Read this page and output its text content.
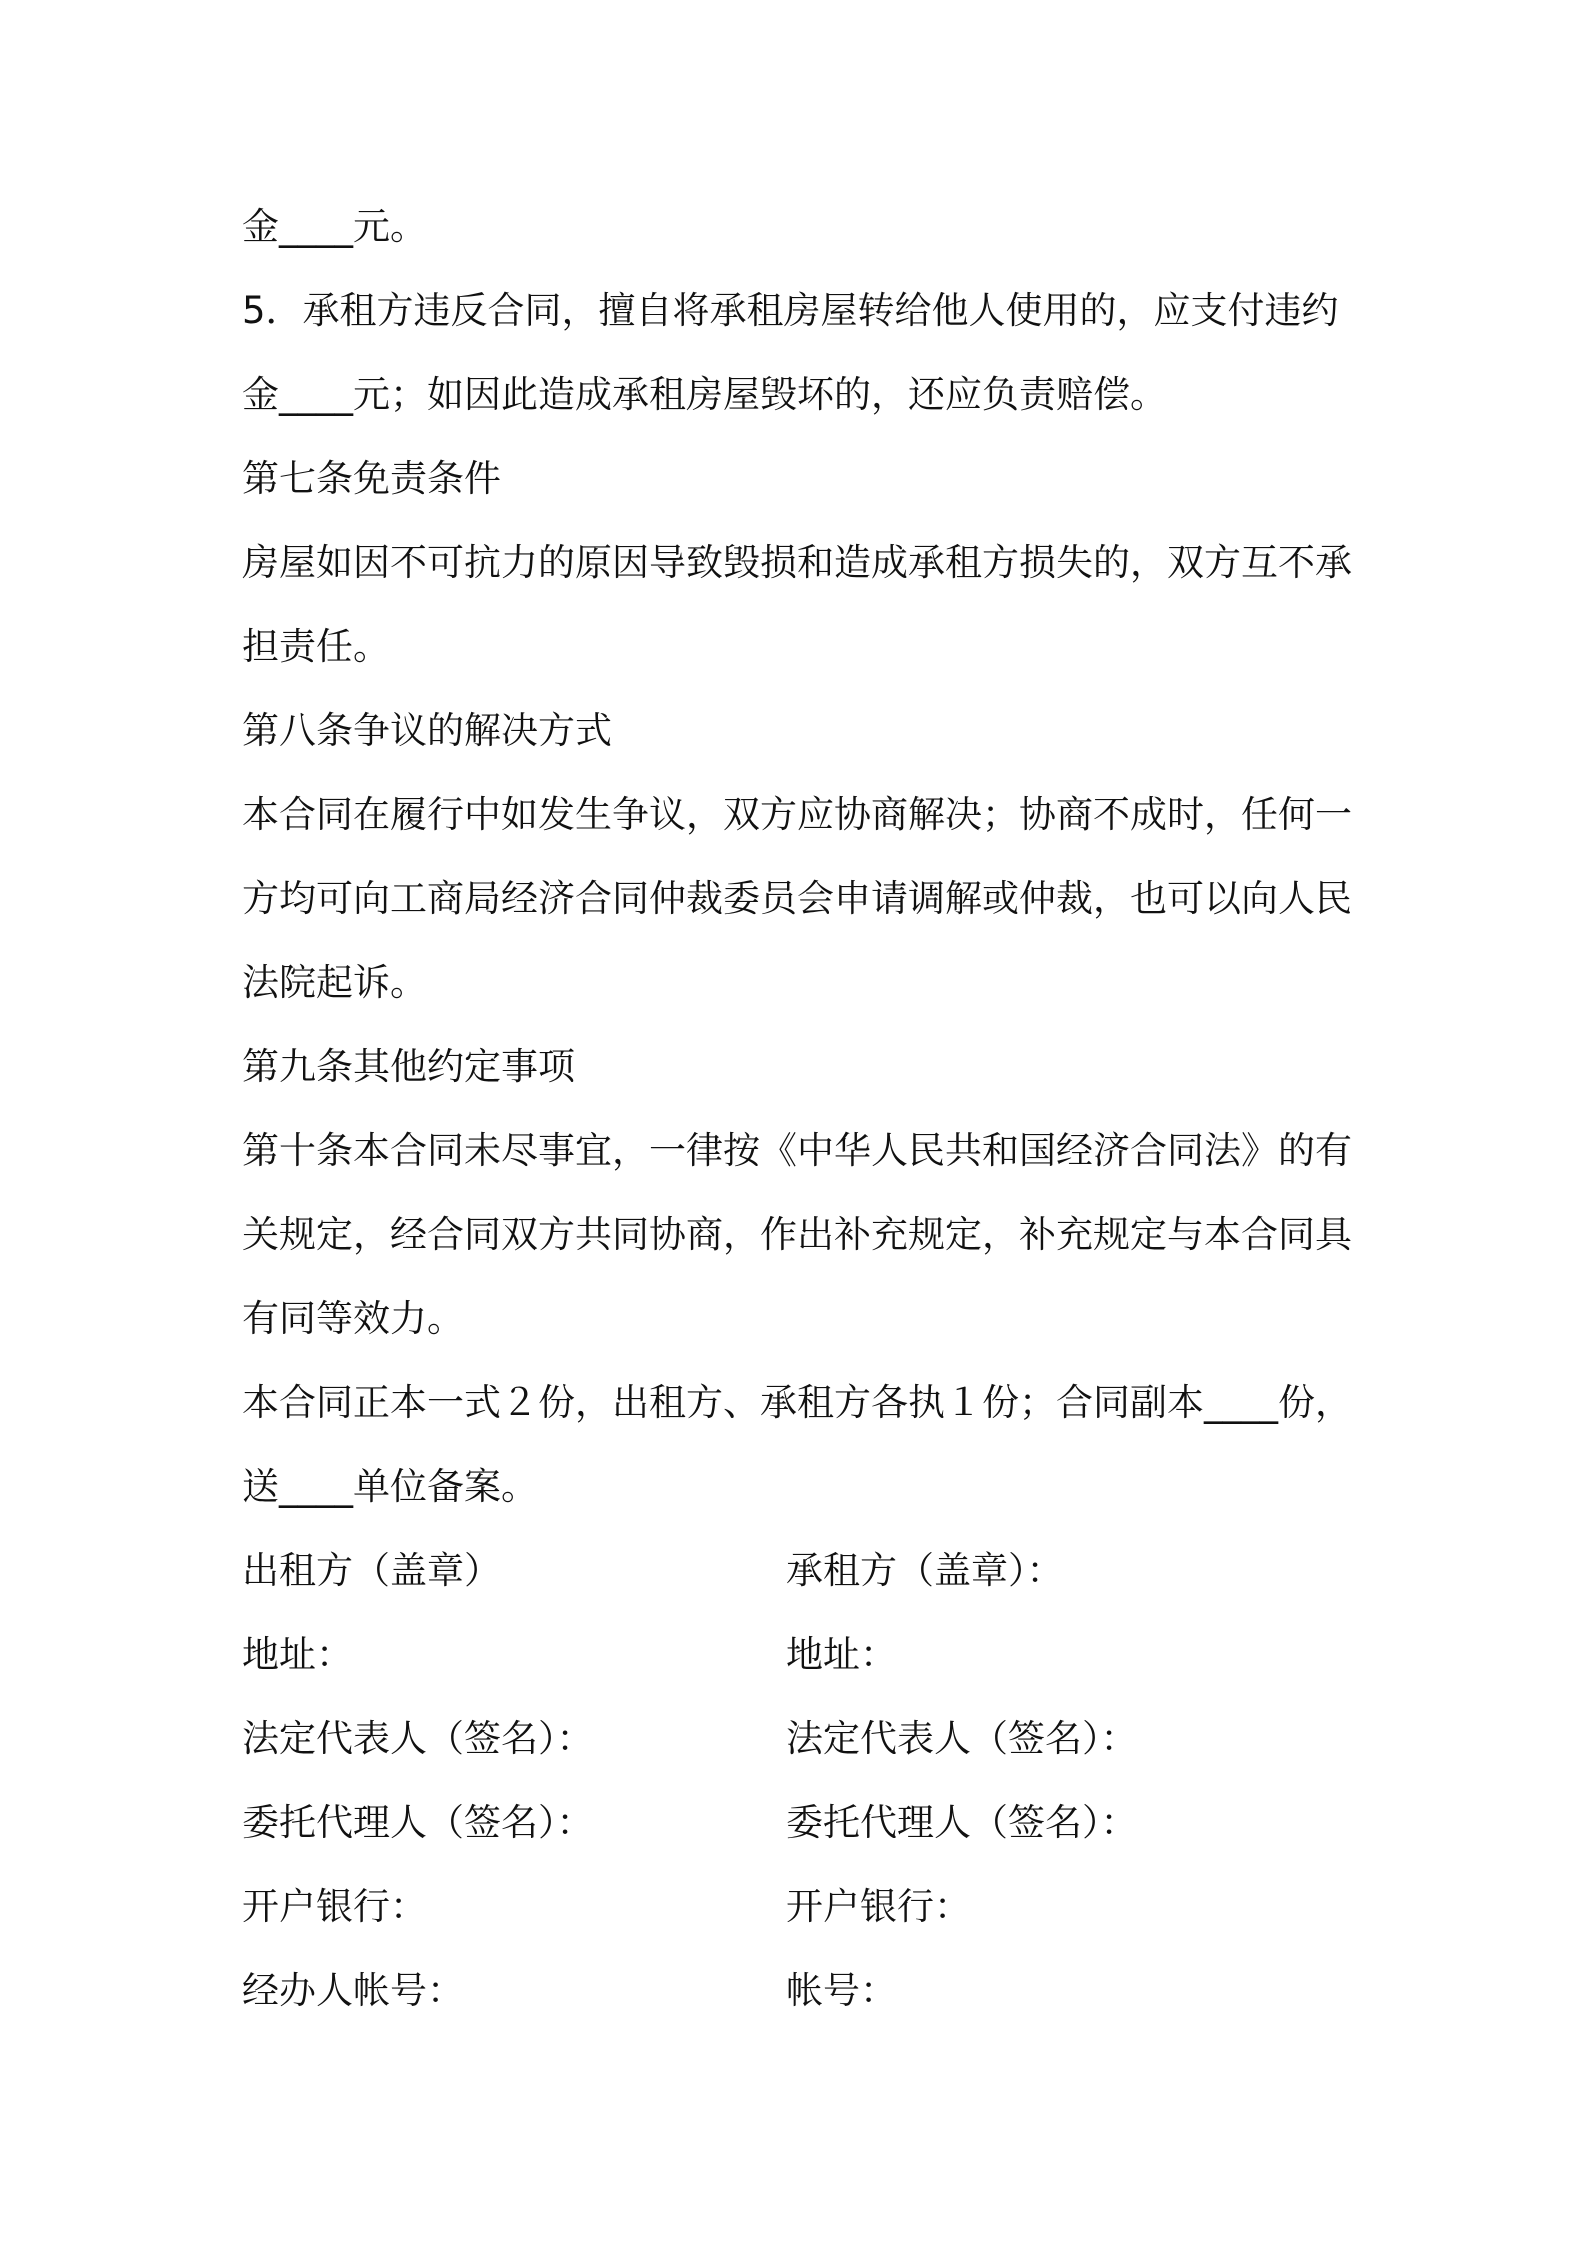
金____元。
5．承租方违反合同，擅自将承租房屋转给他人使用的，应支付违约
金____元；如因此造成承租房屋毁坏的，还应负责赔偿。
第七条免责条件
房屋如因不可抗力的原因导致毁损和造成承租方损失的，双方互不承
担责任。
第八条争议的解决方式
本合同在履行中如发生争议，双方应协商解决；协商不成时，任何一
方均可向工商局经济合同仲裁委员会申请调解或仲裁，也可以向人民
法院起诉。
第九条其他约定事项
第十条本合同未尽事宜，一律按《中华人民共和国经济合同法》的有
关规定，经合同双方共同协商，作出补充规定，补充规定与本合同具
有同等效力。
本合同正本一式２份，出租方、承租方各执１份；合同副本____份，
送____单位备案。
出租方（盖章）	承租方（盖章）：
地址：	地址：
法定代表人（签名）：	法定代表人（签名）：
委托代理人（签名）：	委托代理人（签名）：
开户银行：	开户银行：
经办人帐号：	帐号：
